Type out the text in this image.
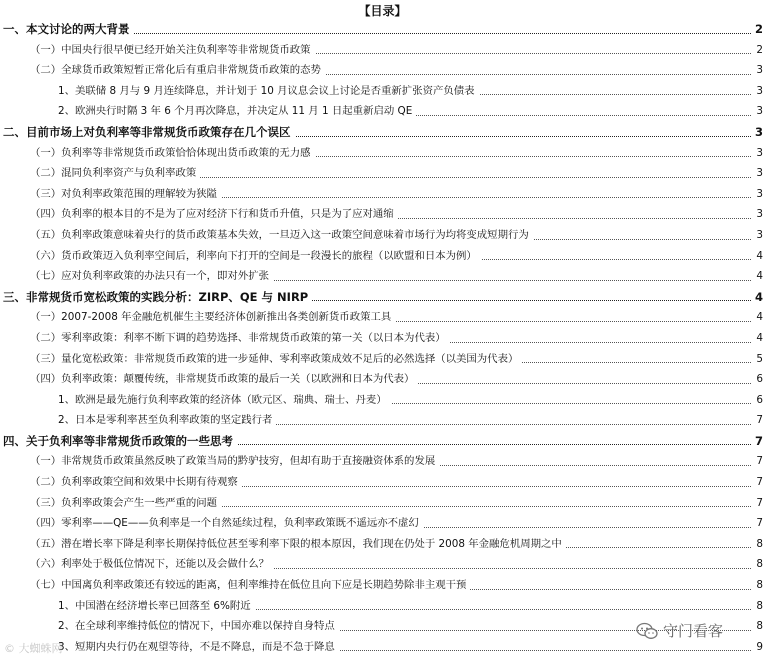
【目录】
一、本文讨论的两大背景	2
（一）中国央行很早便已经开始关注负利率等非常规货币政策	2
（二）全球货币政策短暂正常化后有重启非常规货币政策的态势	3
1、美联储 8 月与 9 月连续降息，并计划于 10 月议息会议上讨论是否重新扩张资产负债表	3
2、欧洲央行时隔 3 年 6 个月再次降息，并决定从 11 月 1 日起重新启动 QE	3
二、目前市场上对负利率等非常规货币政策存在几个误区	3
（一）负利率等非常规货币政策恰恰体现出货币政策的无力感	3
（二）混同负利率资产与负利率政策	3
（三）对负利率政策范围的理解较为狭隘	3
（四）负利率的根本目的不是为了应对经济下行和货币升值，只是为了应对通缩	3
（五）负利率政策意味着央行的货币政策基本失效，一旦迈入这一政策空间意味着市场行为均将变成短期行为	3
（六）货币政策迈入负利率空间后，利率向下打开的空间是一段漫长的旅程（以欧盟和日本为例）	4
（七）应对负利率政策的办法只有一个，即对外扩张	4
三、非常规货币宽松政策的实践分析：ZIRP、QE 与 NIRP	4
（一）2007-2008 年金融危机催生主要经济体创新推出各类创新货币政策工具	4
（二）零利率政策：利率不断下调的趋势选择、非常规货币政策的第一关（以日本为代表）	4
（三）量化宽松政策：非常规货币政策的进一步延伸、零利率政策成效不足后的必然选择（以美国为代表）	5
（四）负利率政策：颠覆传统，非常规货币政策的最后一关（以欧洲和日本为代表）	6
1、欧洲是最先施行负利率政策的经济体（欧元区、瑞典、瑞士、丹麦）	6
2、日本是零利率甚至负利率政策的坚定践行者	7
四、关于负利率等非常规货币政策的一些思考	7
（一）非常规货币政策虽然反映了政策当局的黔驴技穷，但却有助于直接融资体系的发展	7
（二）负利率政策空间和效果中长期有待观察	7
（三）负利率政策会产生一些严重的问题	7
（四）零利率——QE——负利率是一个自然延续过程，负利率政策既不遥远亦不虚幻	7
（五）潜在增长率下降是利率长期保持低位甚至零利率下限的根本原因，我们现在仍处于 2008 年金融危机周期之中	8
（六）利率处于极低位情况下，还能以及会做什么？	8
（七）中国离负利率政策还有较远的距离，但利率维持在低位且向下应是长期趋势除非主观干预	8
1、中国潜在经济增长率已回落至 6%附近	8
2、在全球利率维持低位的情况下，中国亦难以保持自身特点	8
3、短期内央行仍在观望等待，不是不降息，而是不急于降息	9
© 大蜘蛛网
守门看客
